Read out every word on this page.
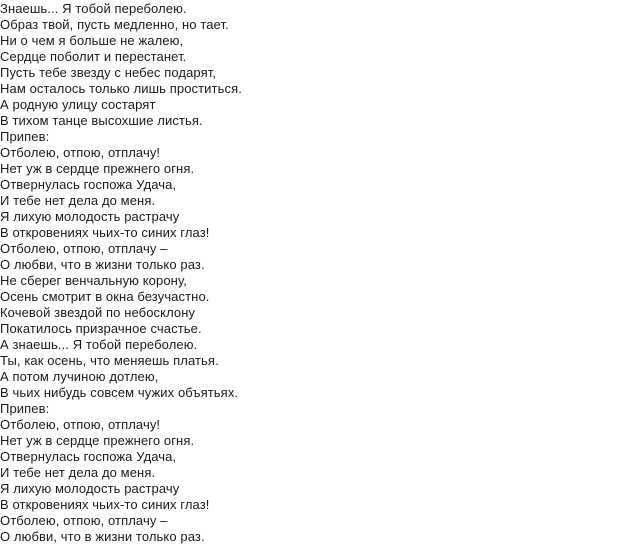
Знаешь... Я тобой переболею.
Образ твой, пусть медленно, но тает.
Ни о чем я больше не жалею,
Сердце поболит и перестанет.
Пусть тебе звезду с небес подарят,
Нам осталось только лишь проститься.
А родную улицу состарят
В тихом танце высохшие листья.
Припев:
Отболею, отпою, отплачу!
Нет уж в сердце прежнего огня.
Отвернулась госпожа Удача,
И тебе нет дела до меня.
Я лихую молодость растрачу
В откровениях чьих-то синих глаз!
Отболею, отпою, отплачу –
О любви, что в жизни только раз.
Не сберег венчальную корону,
Осень смотрит в окна безучастно.
Кочевой звездой по небосклону
Покатилось призрачное счастье.
А знаешь... Я тобой переболею.
Ты, как осень, что меняешь платья.
А потом лучиною дотлею,
В чьих нибудь совсем чужих объятьях.
Припев:
Отболею, отпою, отплачу!
Нет уж в сердце прежнего огня.
Отвернулась госпожа Удача,
И тебе нет дела до меня.
Я лихую молодость растрачу
В откровениях чьих-то синих глаз!
Отболею, отпою, отплачу –
О любви, что в жизни только раз.
